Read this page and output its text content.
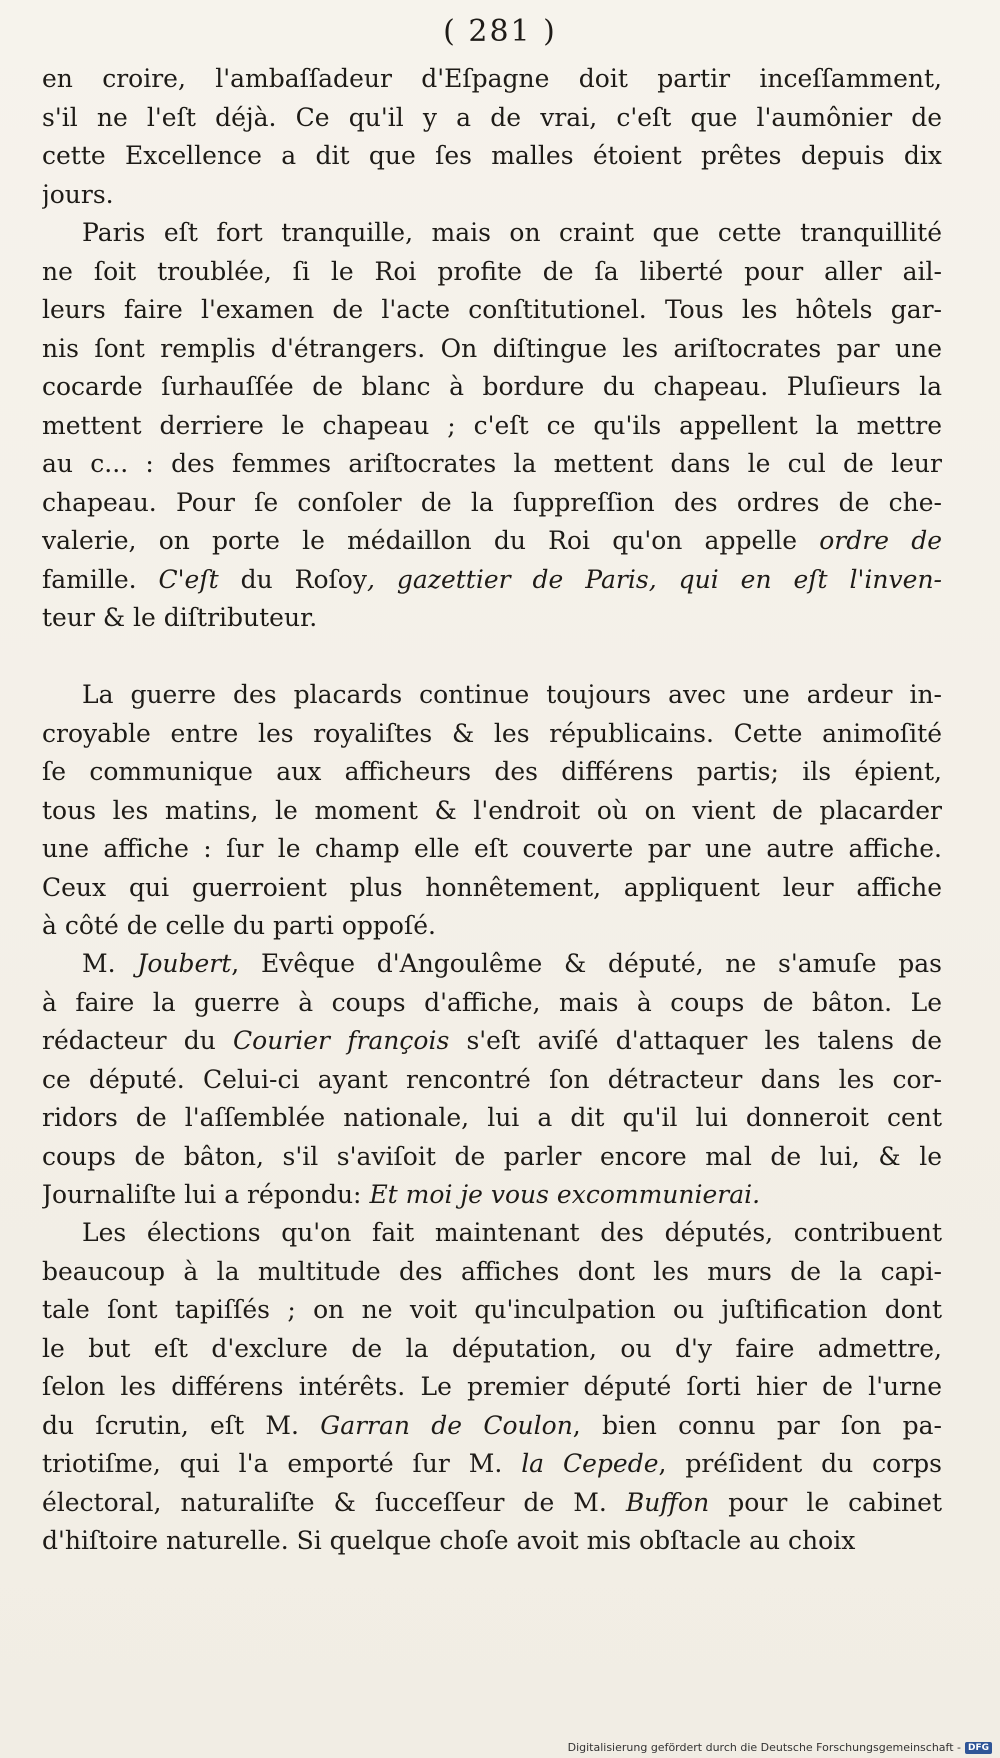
( 281 )
en croire, l'ambaſſadeur d'Eſpagne doit partir inceſſamment,
s'il ne l'eſt déjà. Ce qu'il y a de vrai, c'eſt que l'aumônier de
cette Excellence a dit que ſes malles étoient prêtes depuis dix
jours.
Paris eſt fort tranquille, mais on craint que cette tranquillité
ne ſoit troublée, ſi le Roi profite de ſa liberté pour aller ail-
leurs faire l'examen de l'acte conſtitutionel. Tous les hôtels gar-
nis ſont remplis d'étrangers. On diſtingue les ariſtocrates par une
cocarde ſurhauſſée de blanc à bordure du chapeau. Pluſieurs la
mettent derriere le chapeau ; c'eſt ce qu'ils appellent la mettre
au c... : des femmes ariſtocrates la mettent dans le cul de leur
chapeau. Pour ſe conſoler de la ſuppreſſion des ordres de che-
valerie, on porte le médaillon du Roi qu'on appelle ordre de
famille. C'eſt du Roſoy, gazettier de Paris, qui en eſt l'inven-
teur & le diſtributeur.
La guerre des placards continue toujours avec une ardeur in-
croyable entre les royaliſtes & les républicains. Cette animoſité
ſe communique aux afficheurs des différens partis; ils épient,
tous les matins, le moment & l'endroit où on vient de placarder
une affiche : ſur le champ elle eſt couverte par une autre affiche.
Ceux qui guerroient plus honnêtement, appliquent leur affiche
à côté de celle du parti oppoſé.
M. Joubert, Evêque d'Angoulême & député, ne s'amuſe pas
à faire la guerre à coups d'affiche, mais à coups de bâton. Le
rédacteur du Courier françois s'eſt aviſé d'attaquer les talens de
ce député. Celui-ci ayant rencontré ſon détracteur dans les cor-
ridors de l'aſſemblée nationale, lui a dit qu'il lui donneroit cent
coups de bâton, s'il s'aviſoit de parler encore mal de lui, & le
Journaliſte lui a répondu: Et moi je vous excommunierai.
Les élections qu'on fait maintenant des députés, contribuent
beaucoup à la multitude des affiches dont les murs de la capi-
tale ſont tapiſſés ; on ne voit qu'inculpation ou juſtification dont
le but eſt d'exclure de la députation, ou d'y faire admettre,
ſelon les différens intérêts. Le premier député ſorti hier de l'urne
du ſcrutin, eſt M. Garran de Coulon, bien connu par ſon pa-
triotiſme, qui l'a emporté ſur M. la Cepede, préſident du corps
électoral, naturaliſte & ſucceſſeur de M. Buffon pour le cabinet
d'hiſtoire naturelle. Si quelque choſe avoit mis obſtacle au choix
Digitalisierung gefördert durch die Deutsche Forschungsgemeinschaft - DFG
